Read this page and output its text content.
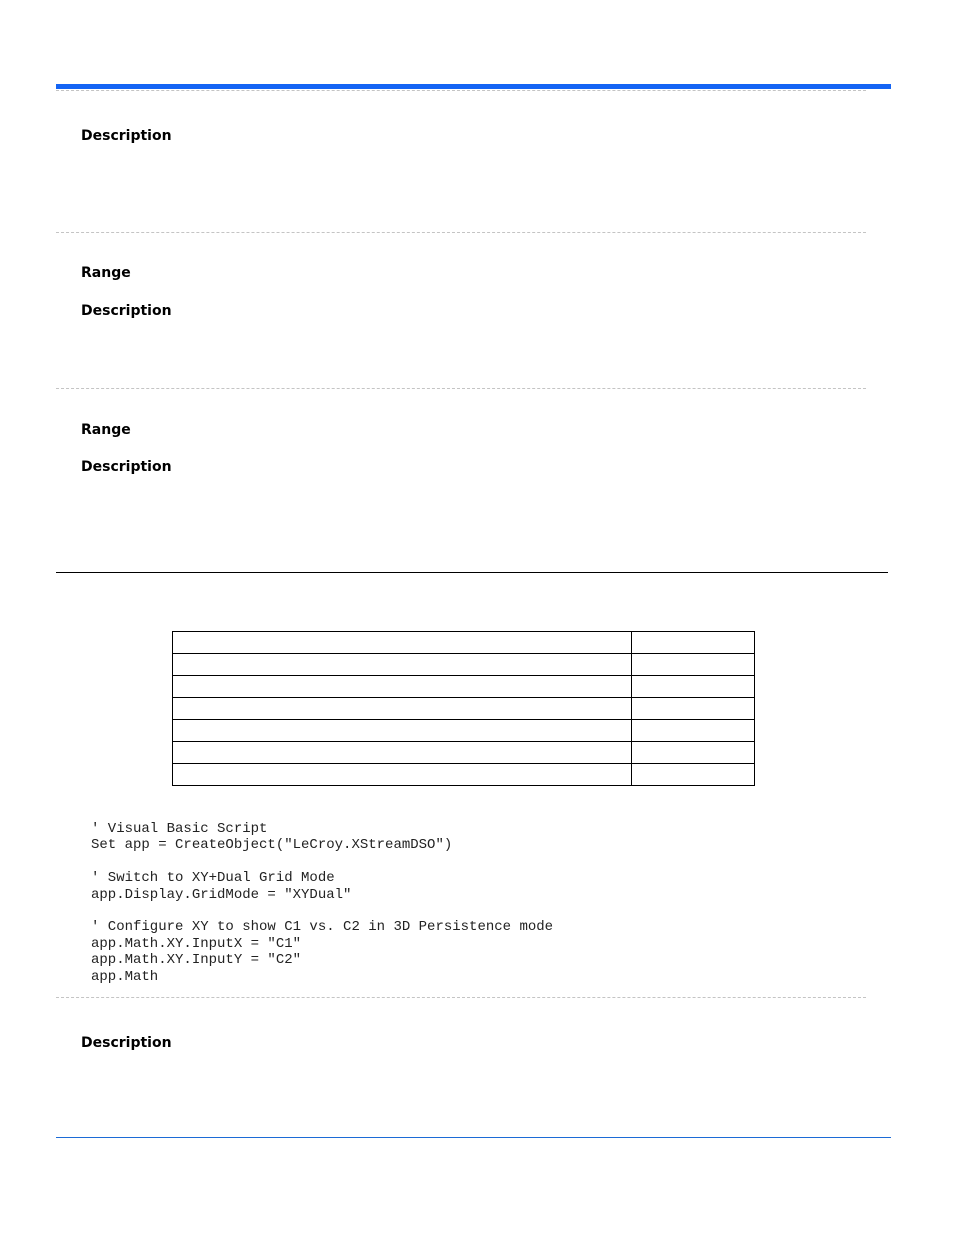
Description
Range
Description
Range
Description

' Visual Basic Script
Set app = CreateObject("LeCroy.XStreamDSO")

' Switch to XY+Dual Grid Mode
app.Display.GridMode = "XYDual"

' Configure XY to show C1 vs. C2 in 3D Persistence mode
app.Math.XY.InputX = "C1"
app.Math.XY.InputY = "C2"
app.Math
Description
